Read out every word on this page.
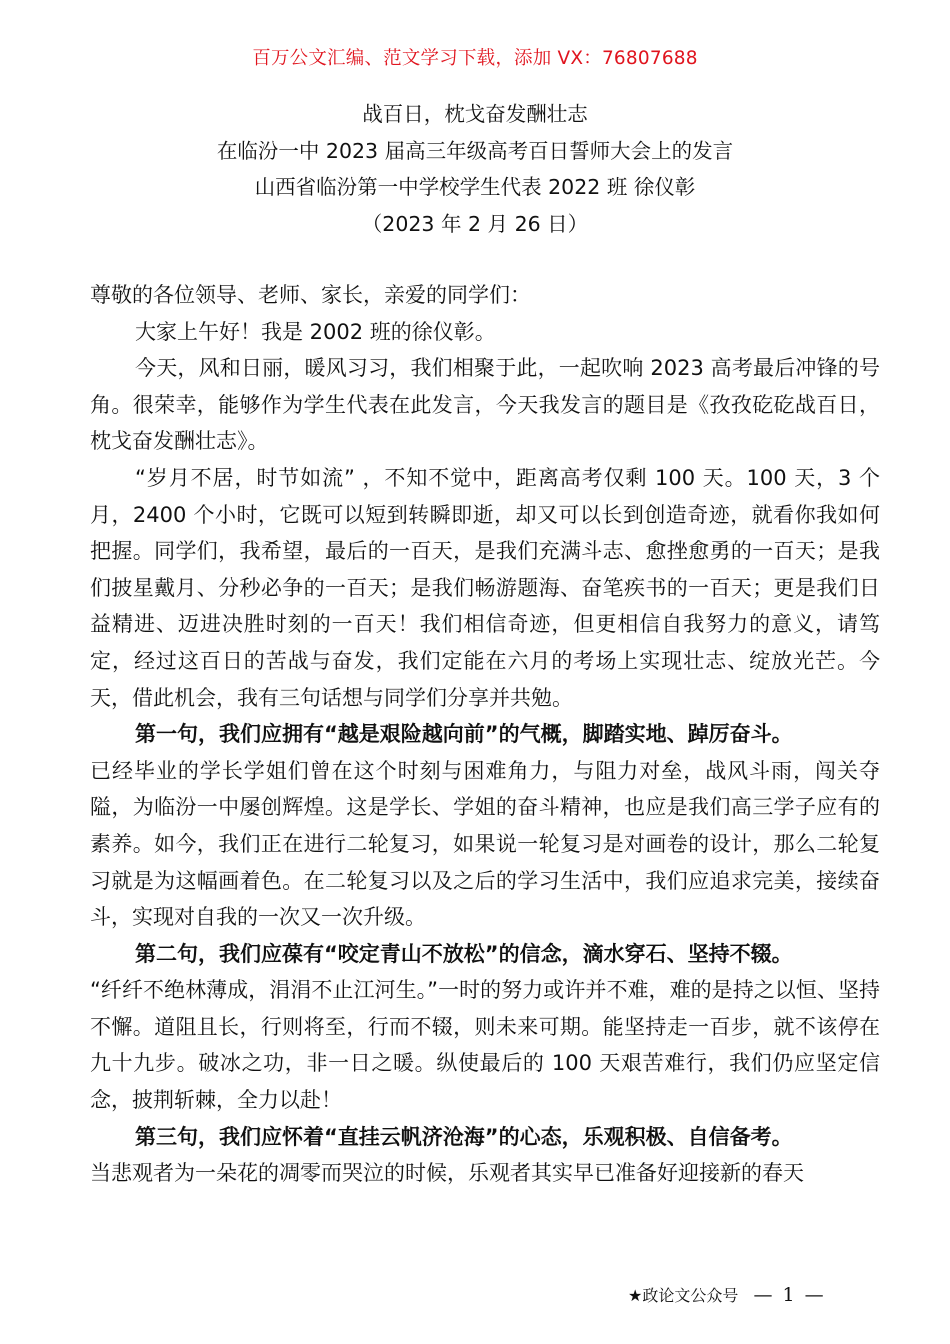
百万公文汇编、范文学习下载，添加 VX：76807688
战百日，枕戈奋发酬壮志
在临汾一中 2023 届高三年级高考百日誓师大会上的发言
山西省临汾第一中学校学生代表 2022 班 徐仪彰
（2023 年 2 月 26 日）

尊敬的各位领导、老师、家长，亲爱的同学们：

大家上午好！我是 2002 班的徐仪彰。

今天，风和日丽，暖风习习，我们相聚于此，一起吹响 2023 高考最后冲锋的号角。很荣幸，能够作为学生代表在此发言，今天我发言的题目是《孜孜矻矻战百日，枕戈奋发酬壮志》。

“岁月不居，时节如流” ，不知不觉中，距离高考仅剩 100 天。100 天，3 个月，2400 个小时，它既可以短到转瞬即逝，却又可以长到创造奇迹，就看你我如何把握。同学们，我希望，最后的一百天，是我们充满斗志、愈挫愈勇的一百天；是我们披星戴月、分秒必争的一百天；是我们畅游题海、奋笔疾书的一百天；更是我们日益精进、迈进决胜时刻的一百天！我们相信奇迹，但更相信自我努力的意义，请笃定，经过这百日的苦战与奋发，我们定能在六月的考场上实现壮志、绽放光芒。今天，借此机会，我有三句话想与同学们分享并共勉。

第一句，我们应拥有“越是艰险越向前”的气概，脚踏实地、踔厉奋斗。

已经毕业的学长学姐们曾在这个时刻与困难角力，与阻力对垒，战风斗雨，闯关夺隘，为临汾一中屡创辉煌。这是学长、学姐的奋斗精神，也应是我们高三学子应有的素养。如今，我们正在进行二轮复习，如果说一轮复习是对画卷的设计，那么二轮复习就是为这幅画着色。在二轮复习以及之后的学习生活中，我们应追求完美，接续奋斗，实现对自我的一次又一次升级。

第二句，我们应葆有“咬定青山不放松”的信念，滴水穿石、坚持不辍。

“纤纤不绝林薄成，涓涓不止江河生。”一时的努力或许并不难，难的是持之以恒、坚持不懈。道阻且长，行则将至，行而不辍，则未来可期。能坚持走一百步，就不该停在九十九步。破冰之功，非一日之暖。纵使最后的 100 天艰苦难行，我们仍应坚定信念，披荆斩棘，全力以赴！

第三句，我们应怀着“直挂云帆济沧海”的心态，乐观积极、自信备考。

当悲观者为一朵花的凋零而哭泣的时候，乐观者其实早已准备好迎接新的春天

★政论文公众号 — 1 —
